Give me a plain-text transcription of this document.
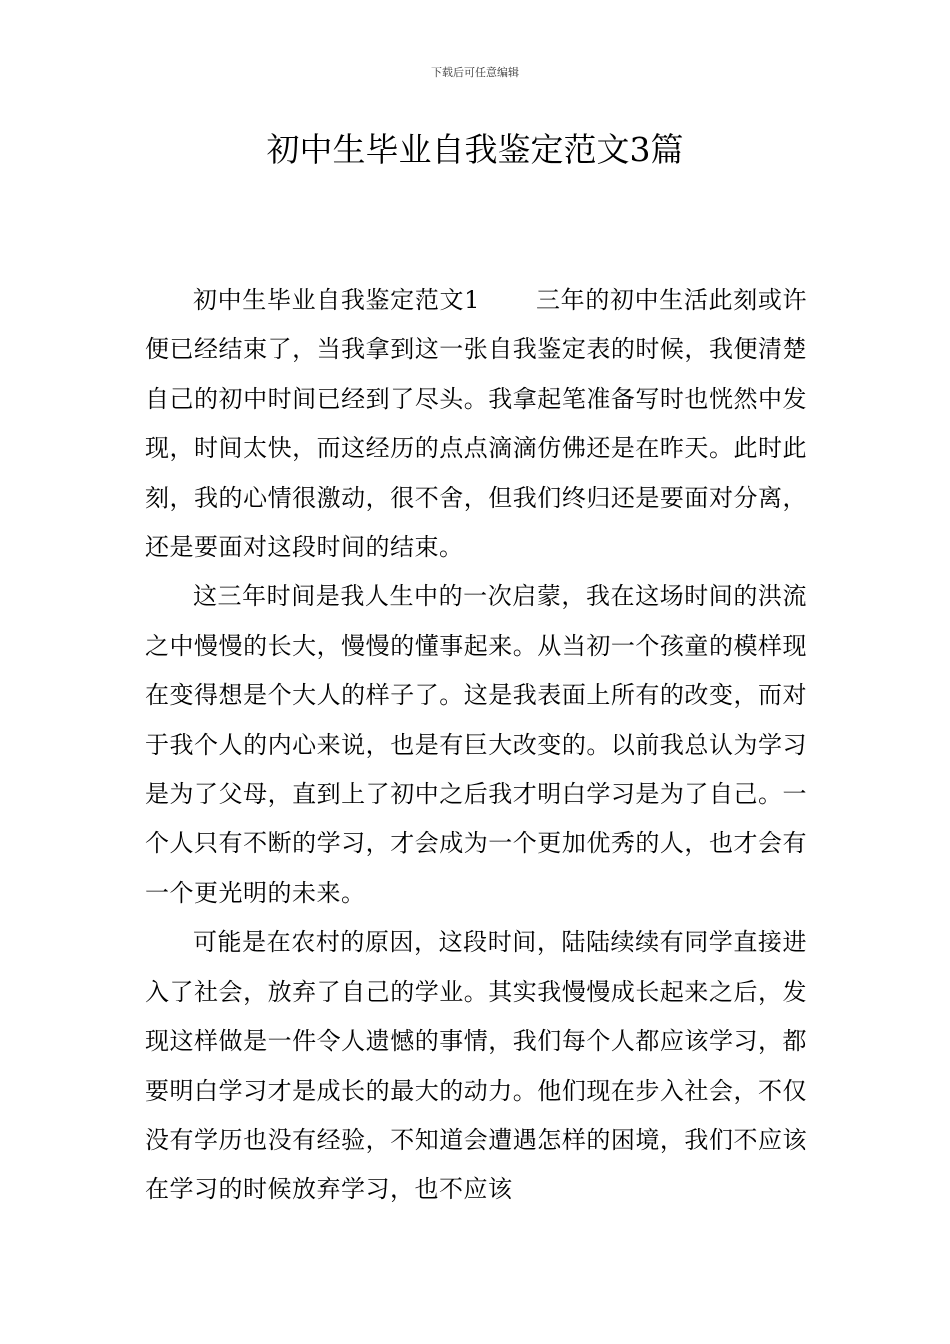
下载后可任意编辑
初中生毕业自我鉴定范文3篇

初中生毕业自我鉴定范文1 三年的初中生活此刻或许便已经结束了，当我拿到这一张自我鉴定表的时候，我便清楚自己的初中时间已经到了尽头。我拿起笔准备写时也恍然中发现，时间太快，而这经历的点点滴滴仿佛还是在昨天。此时此刻，我的心情很激动，很不舍，但我们终归还是要面对分离，还是要面对这段时间的结束。

这三年时间是我人生中的一次启蒙，我在这场时间的洪流之中慢慢的长大，慢慢的懂事起来。从当初一个孩童的模样现在变得想是个大人的样子了。这是我表面上所有的改变，而对于我个人的内心来说，也是有巨大改变的。以前我总认为学习是为了父母，直到上了初中之后我才明白学习是为了自己。一个人只有不断的学习，才会成为一个更加优秀的人，也才会有一个更光明的未来。

可能是在农村的原因，这段时间，陆陆续续有同学直接进入了社会，放弃了自己的学业。其实我慢慢成长起来之后，发现这样做是一件令人遗憾的事情，我们每个人都应该学习，都要明白学习才是成长的最大的动力。他们现在步入社会，不仅没有学历也没有经验，不知道会遭遇怎样的困境，我们不应该在学习的时候放弃学习，也不应该
